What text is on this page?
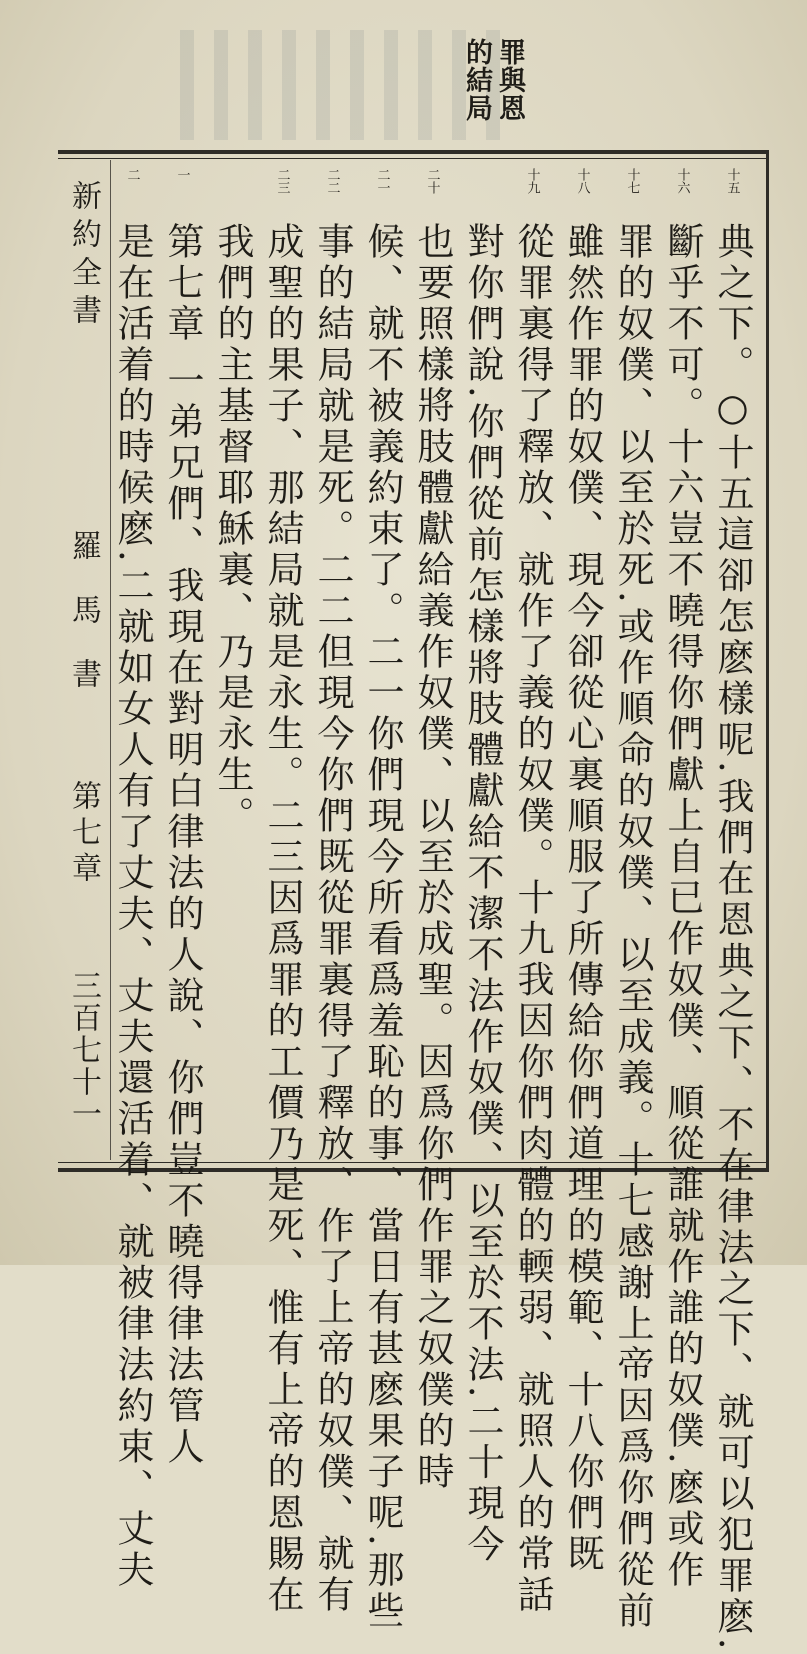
罪與恩
的結局
新約全書
羅馬書
第七章
三百七十一
十五
十六
十七
十八
十九
二十
二一
二二
二三
一
二
典之下。○十五這卻怎麽樣呢.我們在恩典之下、不在律法之下、就可以犯罪麽.
斷乎不可。十六豈不曉得你們獻上自已作奴僕、順從誰就作誰的奴僕.麽或作
罪的奴僕、以至於死.或作順命的奴僕、以至成義。十七感謝上帝因爲你們從前
雖然作罪的奴僕、現今卻從心裏順服了所傳給你們道理的模範、十八你們既
從罪裏得了釋放、就作了義的奴僕。十九我因你們肉體的輭弱、就照人的常話
對你們說.你們從前怎樣將肢體獻給不潔不法作奴僕、以至於不法.二十現今
也要照樣將肢體獻給義作奴僕、以至於成聖。因爲你們作罪之奴僕的時
候、就不被義約束了。二一你們現今所看爲羞恥的事、當日有甚麽果子呢.那些
事的結局就是死。二二但現今你們既從罪裏得了釋放、作了上帝的奴僕、就有
成聖的果子、那結局就是永生。二三因爲罪的工價乃是死、惟有上帝的恩賜在
我們的主基督耶穌裏、乃是永生。
第七章 一弟兄們、我現在對明白律法的人說、你們豈不曉得律法管人
是在活着的時候麽.二就如女人有了丈夫、丈夫還活着、就被律法約束、丈夫
